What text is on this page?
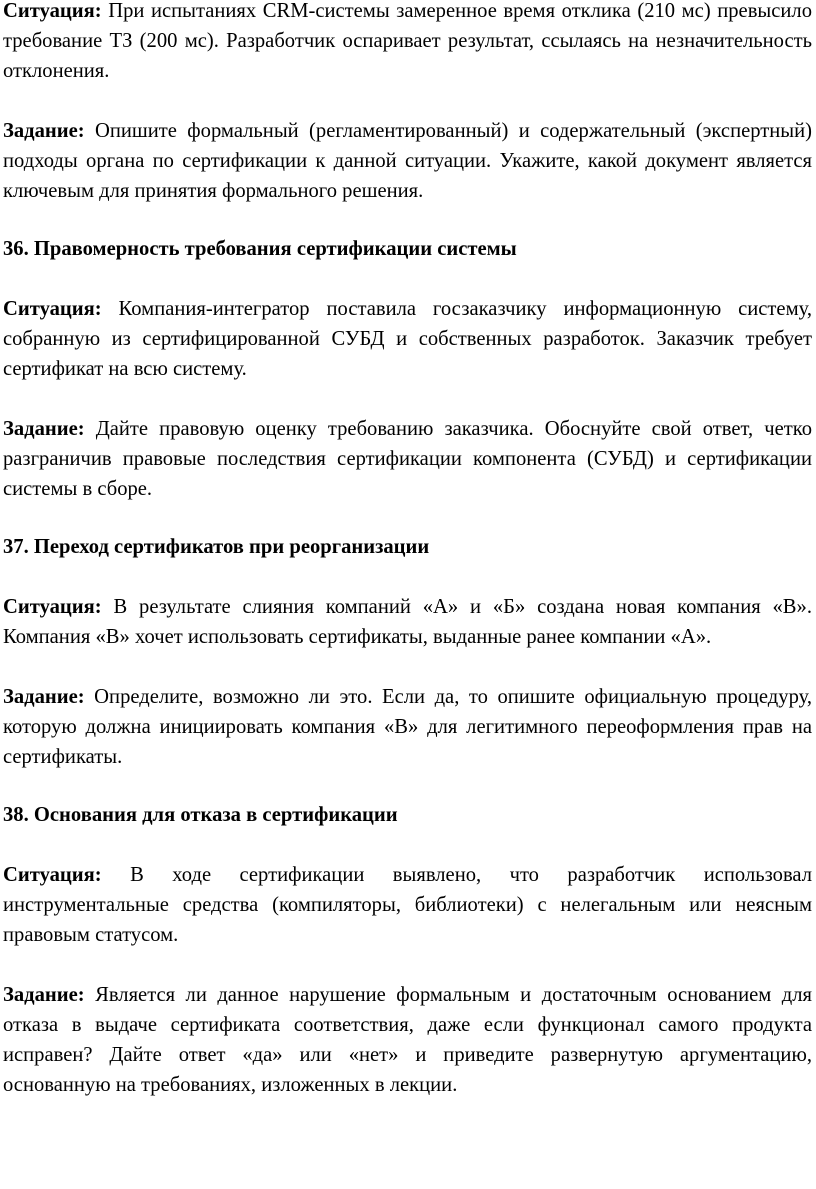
Ситуация: При испытаниях CRM-системы замеренное время отклика (210 мс) превысило требование ТЗ (200 мс). Разработчик оспаривает результат, ссылаясь на незначительность отклонения.

Задание: Опишите формальный (регламентированный) и содержательный (экспертный) подходы органа по сертификации к данной ситуации. Укажите, какой документ является ключевым для принятия формального решения.

36. Правомерность требования сертификации системы

Ситуация: Компания-интегратор поставила госзаказчику информационную систему, собранную из сертифицированной СУБД и собственных разработок. Заказчик требует сертификат на всю систему.

Задание: Дайте правовую оценку требованию заказчика. Обоснуйте свой ответ, четко разграничив правовые последствия сертификации компонента (СУБД) и сертификации системы в сборе.

37. Переход сертификатов при реорганизации

Ситуация: В результате слияния компаний «А» и «Б» создана новая компания «В». Компания «В» хочет использовать сертификаты, выданные ранее компании «А».

Задание: Определите, возможно ли это. Если да, то опишите официальную процедуру, которую должна инициировать компания «В» для легитимного переоформления прав на сертификаты.

38. Основания для отказа в сертификации

Ситуация: В ходе сертификации выявлено, что разработчик использовал инструментальные средства (компиляторы, библиотеки) с нелегальным или неясным правовым статусом.

Задание: Является ли данное нарушение формальным и достаточным основанием для отказа в выдаче сертификата соответствия, даже если функционал самого продукта исправен? Дайте ответ «да» или «нет» и приведите развернутую аргументацию, основанную на требованиях, изложенных в лекции.
